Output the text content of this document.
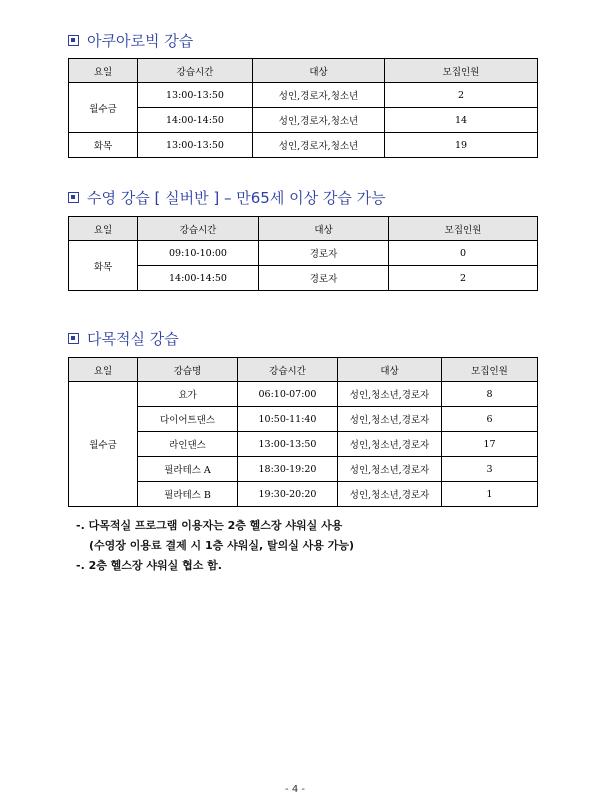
아쿠아로빅 강습
요일	강습시간	대상	모집인원
월수금	13:00-13:50	성인,경로자,청소년	2
	14:00-14:50	성인,경로자,청소년	14
화목	13:00-13:50	성인,경로자,청소년	19
수영 강습 [ 실버반 ] – 만65세 이상 강습 가능
요일	강습시간	대상	모집인원
화목	09:10-10:00	경로자	0
	14:00-14:50	경로자	2
다목적실 강습
요일	강습명	강습시간	대상	모집인원
월수금	요가	06:10-07:00	성인,청소년,경로자	8
	다이어트댄스	10:50-11:40	성인,청소년,경로자	6
	라인댄스	13:00-13:50	성인,청소년,경로자	17
	필라테스 A	18:30-19:20	성인,청소년,경로자	3
	필라테스 B	19:30-20:20	성인,청소년,경로자	1
-. 다목적실 프로그램 이용자는 2층 헬스장 샤워실 사용
(수영장 이용료 결제 시 1층 샤워실, 탈의실 사용 가능)
-. 2층 헬스장 샤워실 협소 함.
- 4 -
